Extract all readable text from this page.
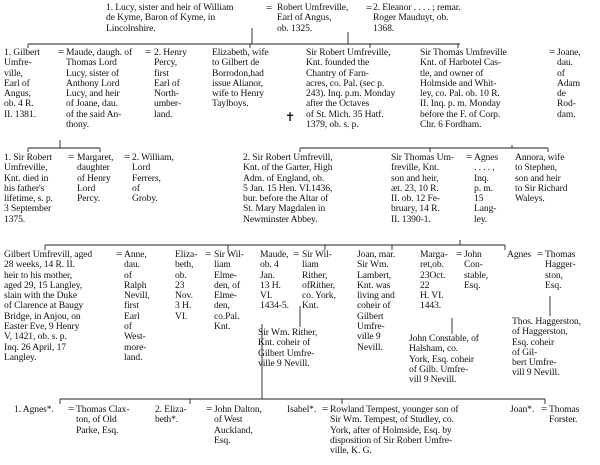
1. Lucy, sister and heir of William
de Kyme, Baron of Kyme, in
Lincolnshire.
= Robert Umfreville,
Earl of Angus,
ob. 1325.
= 2. Eleanor . . . . ; remar.
Roger Mauduyt, ob.
1368.
1. Gilbert
Umfre-
ville,
Earl of
Angus,
ob. 4 R.
II. 1381.
= Maude, daugh. of
Thomas Lord
Lucy, sister of
Anthony Lord
Lucy, and heir
of Joane, dau.
of the said An-
thony.
= 2. Henry
Percy,
first
Earl of
North-
umber-
land.
Elizabeth, wife
to Gilbert de
Borrodon,had
issue Alianor,
wife to Henry
Taylboys.
✝
Sir Robert Umfreville,
Knt. founded the
Chantry of Farn-
acres, co. Pal. (sec p.
243). Inq. p.m. Monday
after the Octaves
of St. Mich. 35 Hatf.
1379, ob. s. p.
Sir Thomas Umfreville
Knt. of Harbotel Cas-
tle, and owner of
Holmside and Whit-
ley, co. Pal. ob. 10 R.
II. Inq. p. m. Monday
before the F. of Corp.
Chr. 6 Fordham.
= Joane,
dau.
of
Adam
de
Rod-
dam.
1. Sir Robert
Umfreville,
Knt. died in
his father's
lifetime, s. p.
3 September
1375.
= Margaret,
daughter
of Henry
Lord
Percy.
= 2. William,
Lord
Ferrers,
of
Groby.
2. Sir Robert Umfrevill,
Knt. of the Garter, High
Adm. of England, ob.
5 Jan. 15 Hen. VI.1436,
bur. before the Altar of
St. Mary Magdalen in
Newminster Abbey.
Sir Thomas Um-
freville, Knt.
son and heir,
æt. 23, 10 R.
II. ob. 12 Fe-
bruary, 14 R.
II. 1390-1.
= Agnes
. . . . ,
Inq.
p. m.
15
Lang-
ley.
Annora, wife
to Stephen,
son and heir
to Sir Richard
Waleys.
Gilbert Umfrevill, aged
28 weeks, 14 R. II.
heir to his mother,
aged 29, 15 Langley,
slain with the Duke
of Clarence at Baugy
Bridge, in Anjou, on
Easter Eve, 9 Henry
V, 1421, ob. s. p.
Inq. 26 April, 17
Langley.
= Anne,
dau.
of
Ralph
Nevill,
first
Earl
of
West-
more-
land.
Eliza-
beth,
ob.
23
Nov.
3 H.
VI.
= Sir Wil-
liam
Elme-
den, of
Elme-
den,
co.Pal.
Knt.
Maude,
ob. 4
Jan.
13 H.
VI.
1434-5.
= Sir Wil-
liam
Rither,
ofRither,
co. York,
Knt.
Joan, mar.
Sir Wm.
Lambert,
Knt. was
living and
coheir of
Gilbert
Umfre-
ville 9
Nevill.
Marga-
ret,ob.
23Oct.
22
H. VI.
1443.
= John
Con-
stable,
Esq.
Agnes = Thomas
Hagger-
ston,
Esq.
Sir Wm. Rither,
Knt. coheir of
Gilbert Umfre-
ville 9 Nevill.
John Constable, of
Halsham, co.
York, Esq. coheir
of Gilb. Umfre-
vill 9 Nevill.
Thos. Haggerston,
of Haggerston,
Esq. coheir
of Gil-
bert Umfre-
vill 9 Nevill.
1. Agnes*. = Thomas Clax-
ton, of Old
Parke, Esq.
2. Eliza-
beth*.
= John Dalton,
of West
Auckland,
Esq.
Isabel*. = Rowland Tempest, younger son of
Sir Wm. Tempest, of Studley, co.
York, after of Holmside, Esq. by
disposition of Sir Robert Umfre-
ville, K. G.
Joan*. = Thomas
Forster.
